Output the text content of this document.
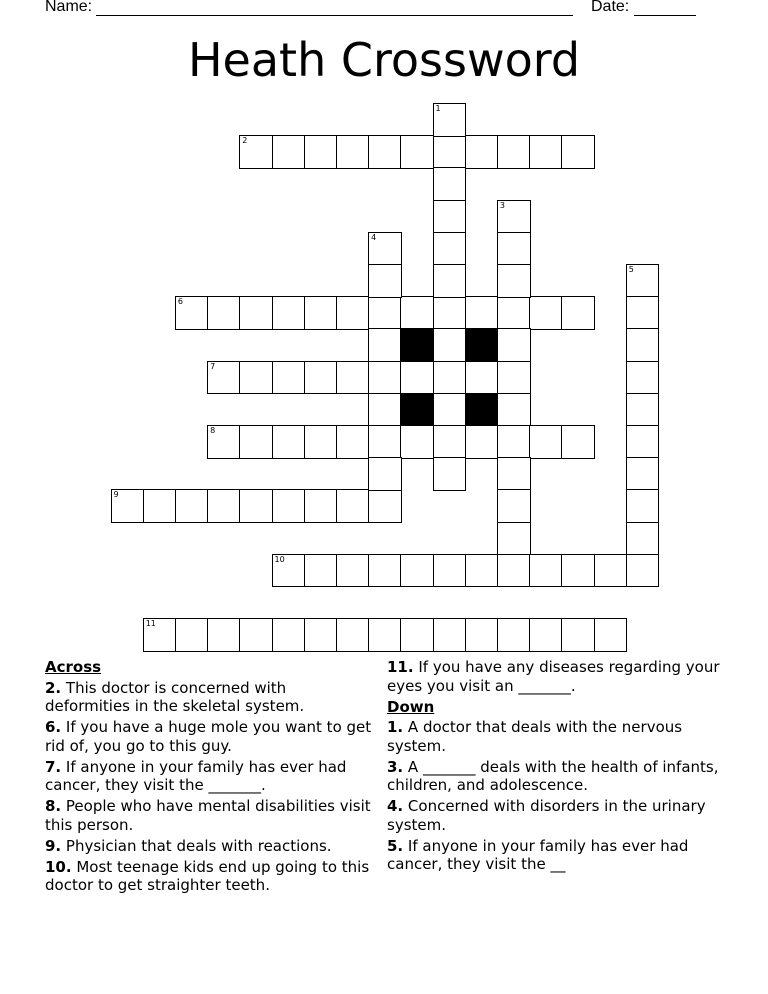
Name:	Date:
Heath Crossword
2
6
7
8
9
10
11
1
3
4
5
Across
2. This doctor is concerned with deformities in the skeletal system.
6. If you have a huge mole you want to get rid of, you go to this guy.
7. If anyone in your family has ever had cancer, they visit the _______.
8. People who have mental disabilities visit this person.
9. Physician that deals with reactions.
10. Most teenage kids end up going to this doctor to get straighter teeth.
11. If you have any diseases regarding your eyes you visit an _______.
Down
1. A doctor that deals with the nervous system.
3. A _______ deals with the health of infants, children, and adolescence.
4. Concerned with disorders in the urinary system.
5. If anyone in your family has ever had cancer, they visit the __
